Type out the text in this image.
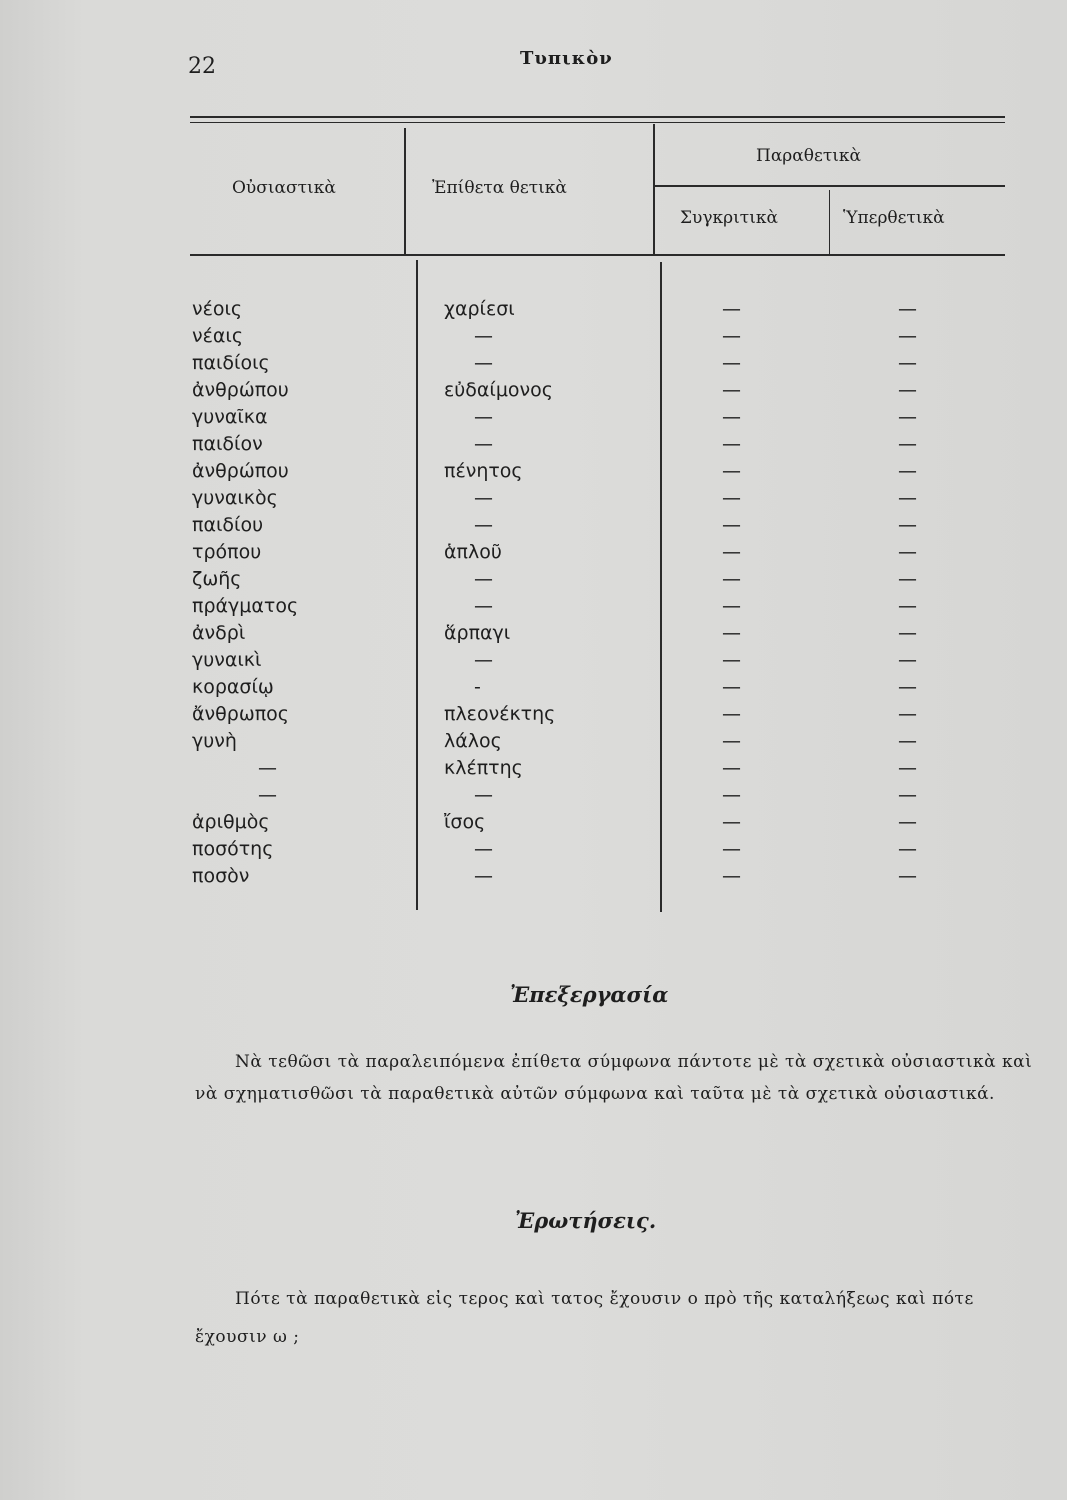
22	Τυπικὸν
Οὐσιαστικὰ	Ἐπίθετα θετικὰ
Παραθετικὰ
Συγκριτικὰ	Ὑπερθετικὰ
νέοις	χαρίεσι	—	—
νέαις	—	—	—
παιδίοις	—	—	—
ἀνθρώπου	εὐδαίμονος	—	—
γυναῖκα	—	—	—
παιδίον	—	—	—
ἀνθρώπου	πένητος	—	—
γυναικὸς	—	—	—
παιδίου	—	—	—
τρόπου	ἁπλοῦ	—	—
ζωῆς	—	—	—
πράγματος	—	—	—
ἀνδρὶ	ἅρπαγι	—	—
γυναικὶ	—	—	—
κορασίῳ	-	—	—
ἄνθρωπος	πλεονέκτης	—	—
γυνὴ	λάλος	—	—
—	κλέπτης	—	—
—	—	—	—
ἀριθμὸς	ἴσος	—	—
ποσότης	—	—	—
ποσὸν	—	—	—
Ἐπεξεργασία
Νὰ τεθῶσι τὰ παραλειπόμενα ἐπίθετα σύμφωνα πάντοτε μὲ τὰ σχετικὰ οὐσιαστικὰ καὶ νὰ σχηματισθῶσι τὰ παραθετικὰ αὐτῶν σύμφωνα καὶ ταῦτα μὲ τὰ σχετικὰ οὐσιαστικά.
Ἐρωτήσεις.
Πότε τὰ παραθετικὰ εἰς τερος καὶ τατος ἔχουσιν ο πρὸ τῆς καταλήξεως καὶ πότε ἔχουσιν ω ;
